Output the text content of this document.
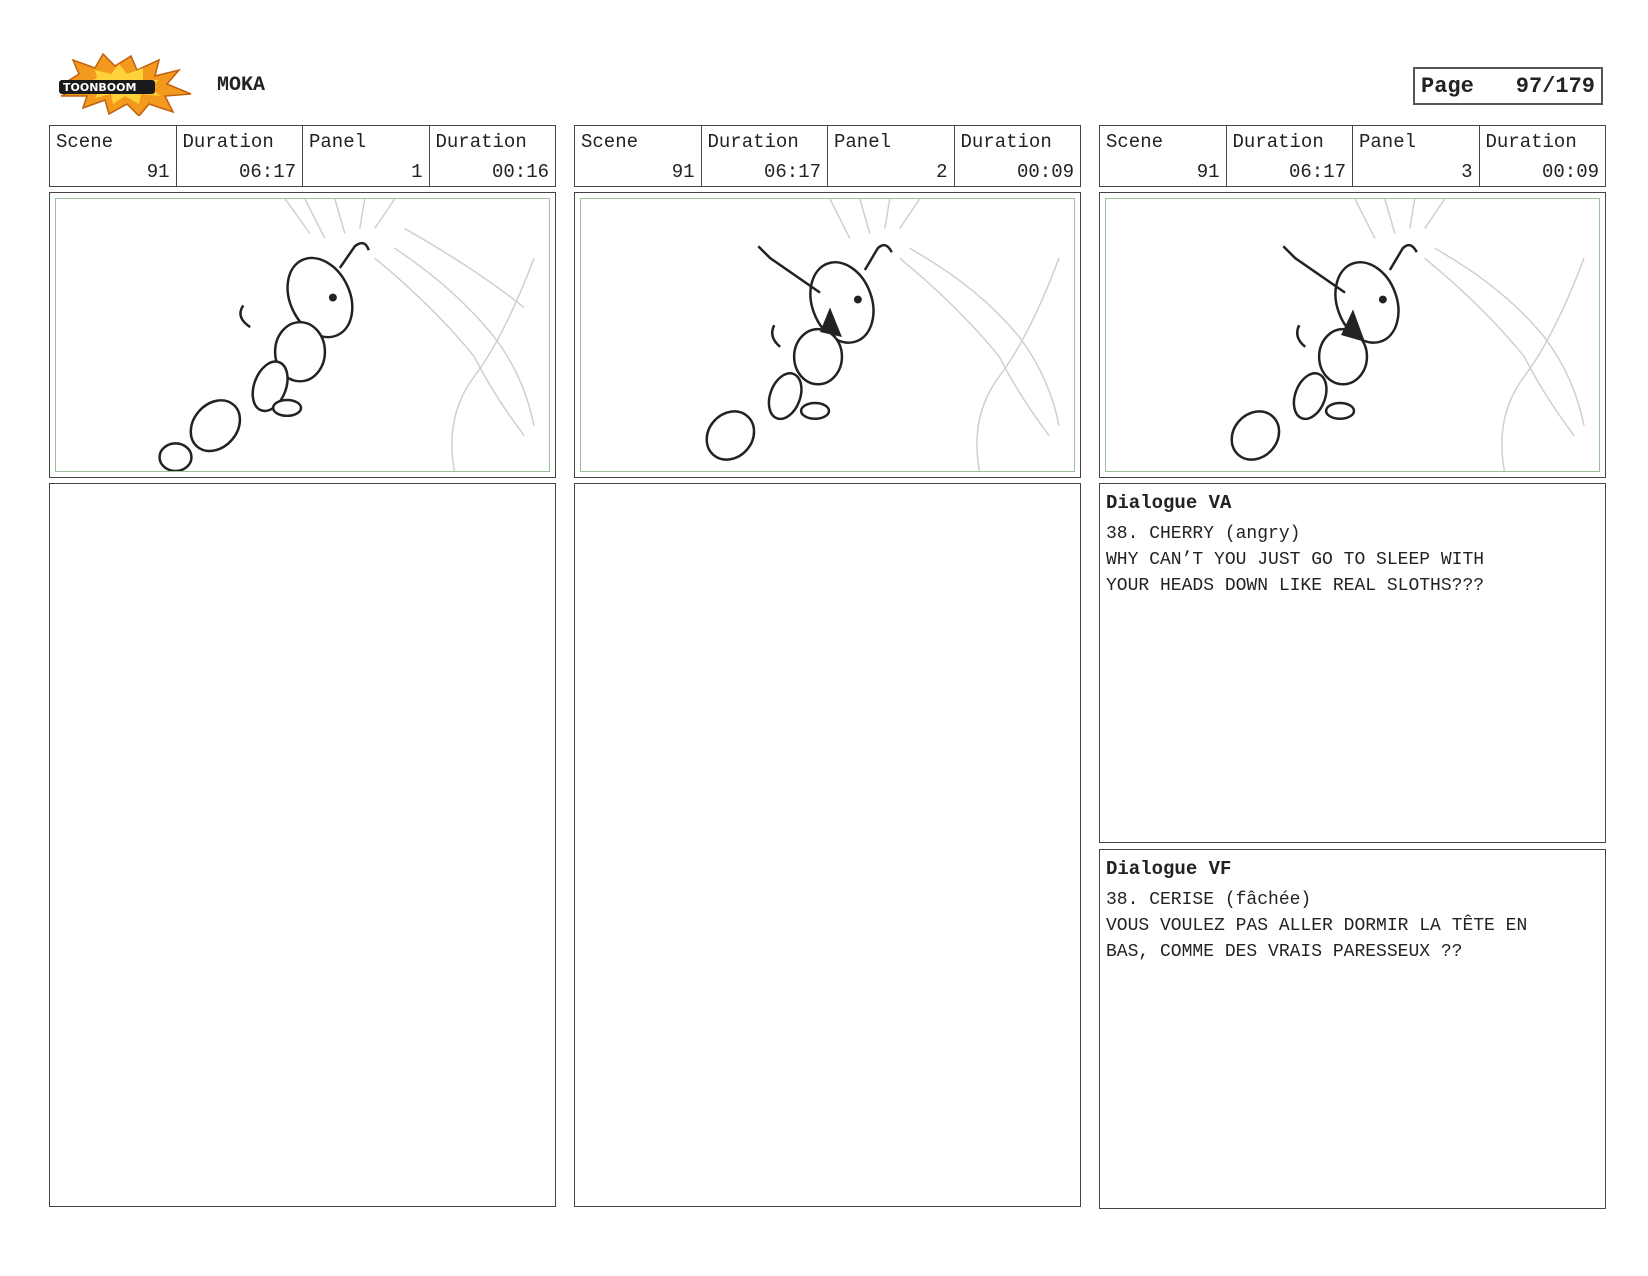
TOONBOOM	MOKA	Page 97/179
Scene
91
Duration
06:17
Panel
1
Duration
00:16
Scene
91
Duration
06:17
Panel
2
Duration
00:09
Scene
91
Duration
06:17
Panel
3
Duration
00:09
Dialogue VA
38. CHERRY (angry)
WHY CAN’T YOU JUST GO TO SLEEP WITH
YOUR HEADS DOWN LIKE REAL SLOTHS???
Dialogue VF
38. CERISE (fâchée)
VOUS VOULEZ PAS ALLER DORMIR LA TÊTE EN
BAS, COMME DES VRAIS PARESSEUX ??
